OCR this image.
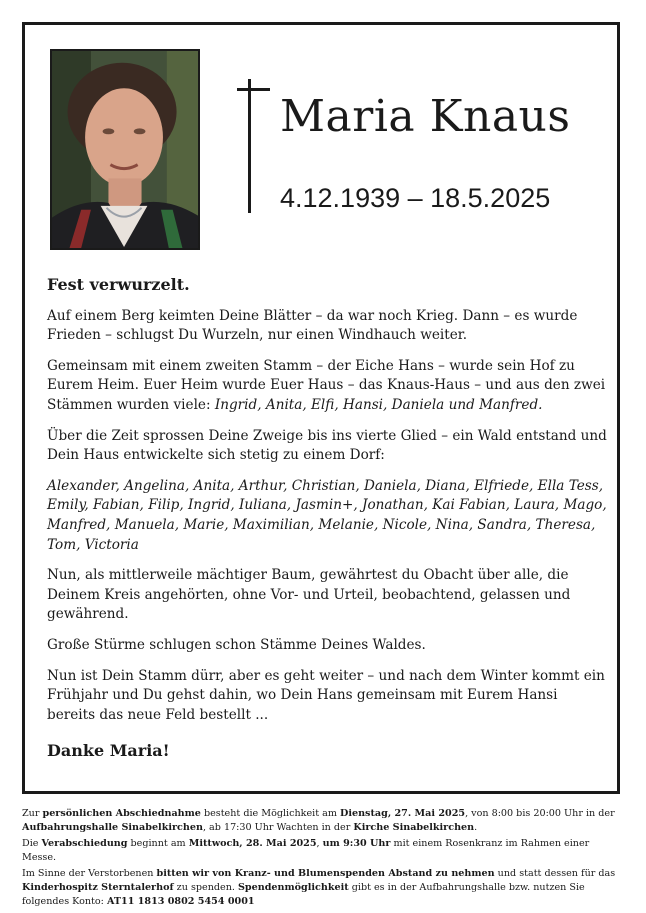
Maria Knaus
4.12.1939 – 18.5.2025

Fest verwurzelt.

Auf einem Berg keimten Deine Blätter – da war noch Krieg. Dann – es wurde Frieden – schlugst Du Wurzeln, nur einen Windhauch weiter.

Gemeinsam mit einem zweiten Stamm – der Eiche Hans – wurde sein Hof zu Eurem Heim. Euer Heim wurde Euer Haus – das Knaus-Haus – und aus den zwei Stämmen wurden viele: Ingrid, Anita, Elfi, Hansi, Daniela und Manfred.

Über die Zeit sprossen Deine Zweige bis ins vierte Glied – ein Wald entstand und Dein Haus entwickelte sich stetig zu einem Dorf:

Alexander, Angelina, Anita, Arthur, Christian, Daniela, Diana, Elfriede, Ella Tess, Emily, Fabian, Filip, Ingrid, Iuliana, Jasmin+, Jonathan, Kai Fabian, Laura, Mago, Manfred, Manuela, Marie, Maximilian, Melanie, Nicole, Nina, Sandra, Theresa, Tom, Victoria

Nun, als mittlerweile mächtiger Baum, gewährtest du Obacht über alle, die Deinem Kreis angehörten, ohne Vor- und Urteil, beobachtend, gelassen und gewährend.

Große Stürme schlugen schon Stämme Deines Waldes.

Nun ist Dein Stamm dürr, aber es geht weiter – und nach dem Winter kommt ein Frühjahr und Du gehst dahin, wo Dein Hans gemeinsam mit Eurem Hansi bereits das neue Feld bestellt ...

Danke Maria!

Zur persönlichen Abschiednahme besteht die Möglichkeit am Dienstag, 27. Mai 2025, von 8:00 bis 20:00 Uhr in der Aufbahrungshalle Sinabelkirchen, ab 17:30 Uhr Wachten in der Kirche Sinabelkirchen.

Die Verabschiedung beginnt am Mittwoch, 28. Mai 2025, um 9:30 Uhr mit einem Rosenkranz im Rahmen einer Messe.

Im Sinne der Verstorbenen bitten wir von Kranz- und Blumenspenden Abstand zu nehmen und statt dessen für das Kinderhospitz Sterntalerhof zu spenden. Spendenmöglichkeit gibt es in der Aufbahrungshalle bzw. nutzen Sie folgendes Konto: AT11 1813 0802 5454 0001
